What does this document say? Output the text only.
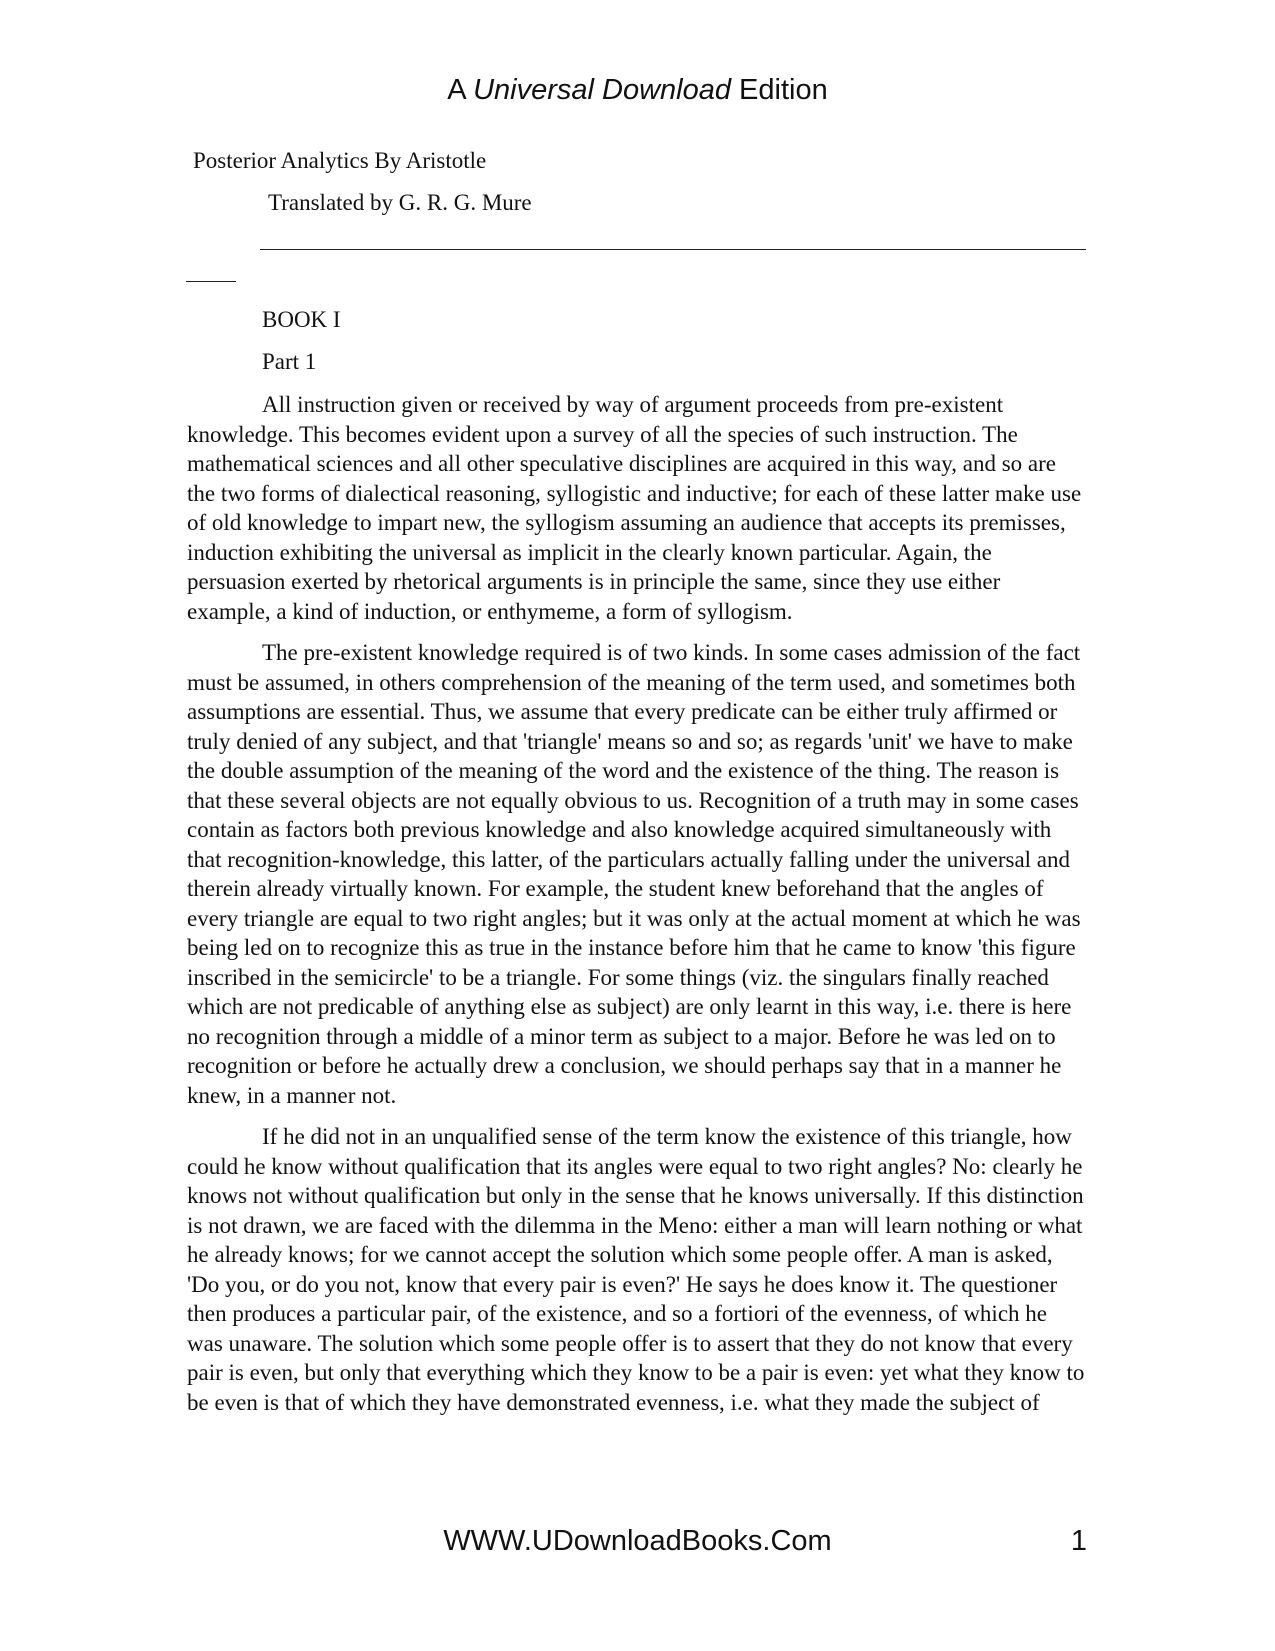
A Universal Download Edition
Posterior Analytics By Aristotle
Translated by G. R. G. Mure
BOOK I
Part 1

All instruction given or received by way of argument proceeds from pre-existent knowledge. This becomes evident upon a survey of all the species of such instruction. The mathematical sciences and all other speculative disciplines are acquired in this way, and so are the two forms of dialectical reasoning, syllogistic and inductive; for each of these latter make use of old knowledge to impart new, the syllogism assuming an audience that accepts its premisses, induction exhibiting the universal as implicit in the clearly known particular. Again, the persuasion exerted by rhetorical arguments is in principle the same, since they use either example, a kind of induction, or enthymeme, a form of syllogism.

The pre-existent knowledge required is of two kinds. In some cases admission of the fact must be assumed, in others comprehension of the meaning of the term used, and sometimes both assumptions are essential. Thus, we assume that every predicate can be either truly affirmed or truly denied of any subject, and that 'triangle' means so and so; as regards 'unit' we have to make the double assumption of the meaning of the word and the existence of the thing. The reason is that these several objects are not equally obvious to us. Recognition of a truth may in some cases contain as factors both previous knowledge and also knowledge acquired simultaneously with that recognition-knowledge, this latter, of the particulars actually falling under the universal and therein already virtually known. For example, the student knew beforehand that the angles of every triangle are equal to two right angles; but it was only at the actual moment at which he was being led on to recognize this as true in the instance before him that he came to know 'this figure inscribed in the semicircle' to be a triangle. For some things (viz. the singulars finally reached which are not predicable of anything else as subject) are only learnt in this way, i.e. there is here no recognition through a middle of a minor term as subject to a major. Before he was led on to recognition or before he actually drew a conclusion, we should perhaps say that in a manner he knew, in a manner not.

If he did not in an unqualified sense of the term know the existence of this triangle, how could he know without qualification that its angles were equal to two right angles? No: clearly he knows not without qualification but only in the sense that he knows universally. If this distinction is not drawn, we are faced with the dilemma in the Meno: either a man will learn nothing or what he already knows; for we cannot accept the solution which some people offer. A man is asked, 'Do you, or do you not, know that every pair is even?' He says he does know it. The questioner then produces a particular pair, of the existence, and so a fortiori of the evenness, of which he was unaware. The solution which some people offer is to assert that they do not know that every pair is even, but only that everything which they know to be a pair is even: yet what they know to be even is that of which they have demonstrated evenness, i.e. what they made the subject of

WWW.UDownloadBooks.Com	1
